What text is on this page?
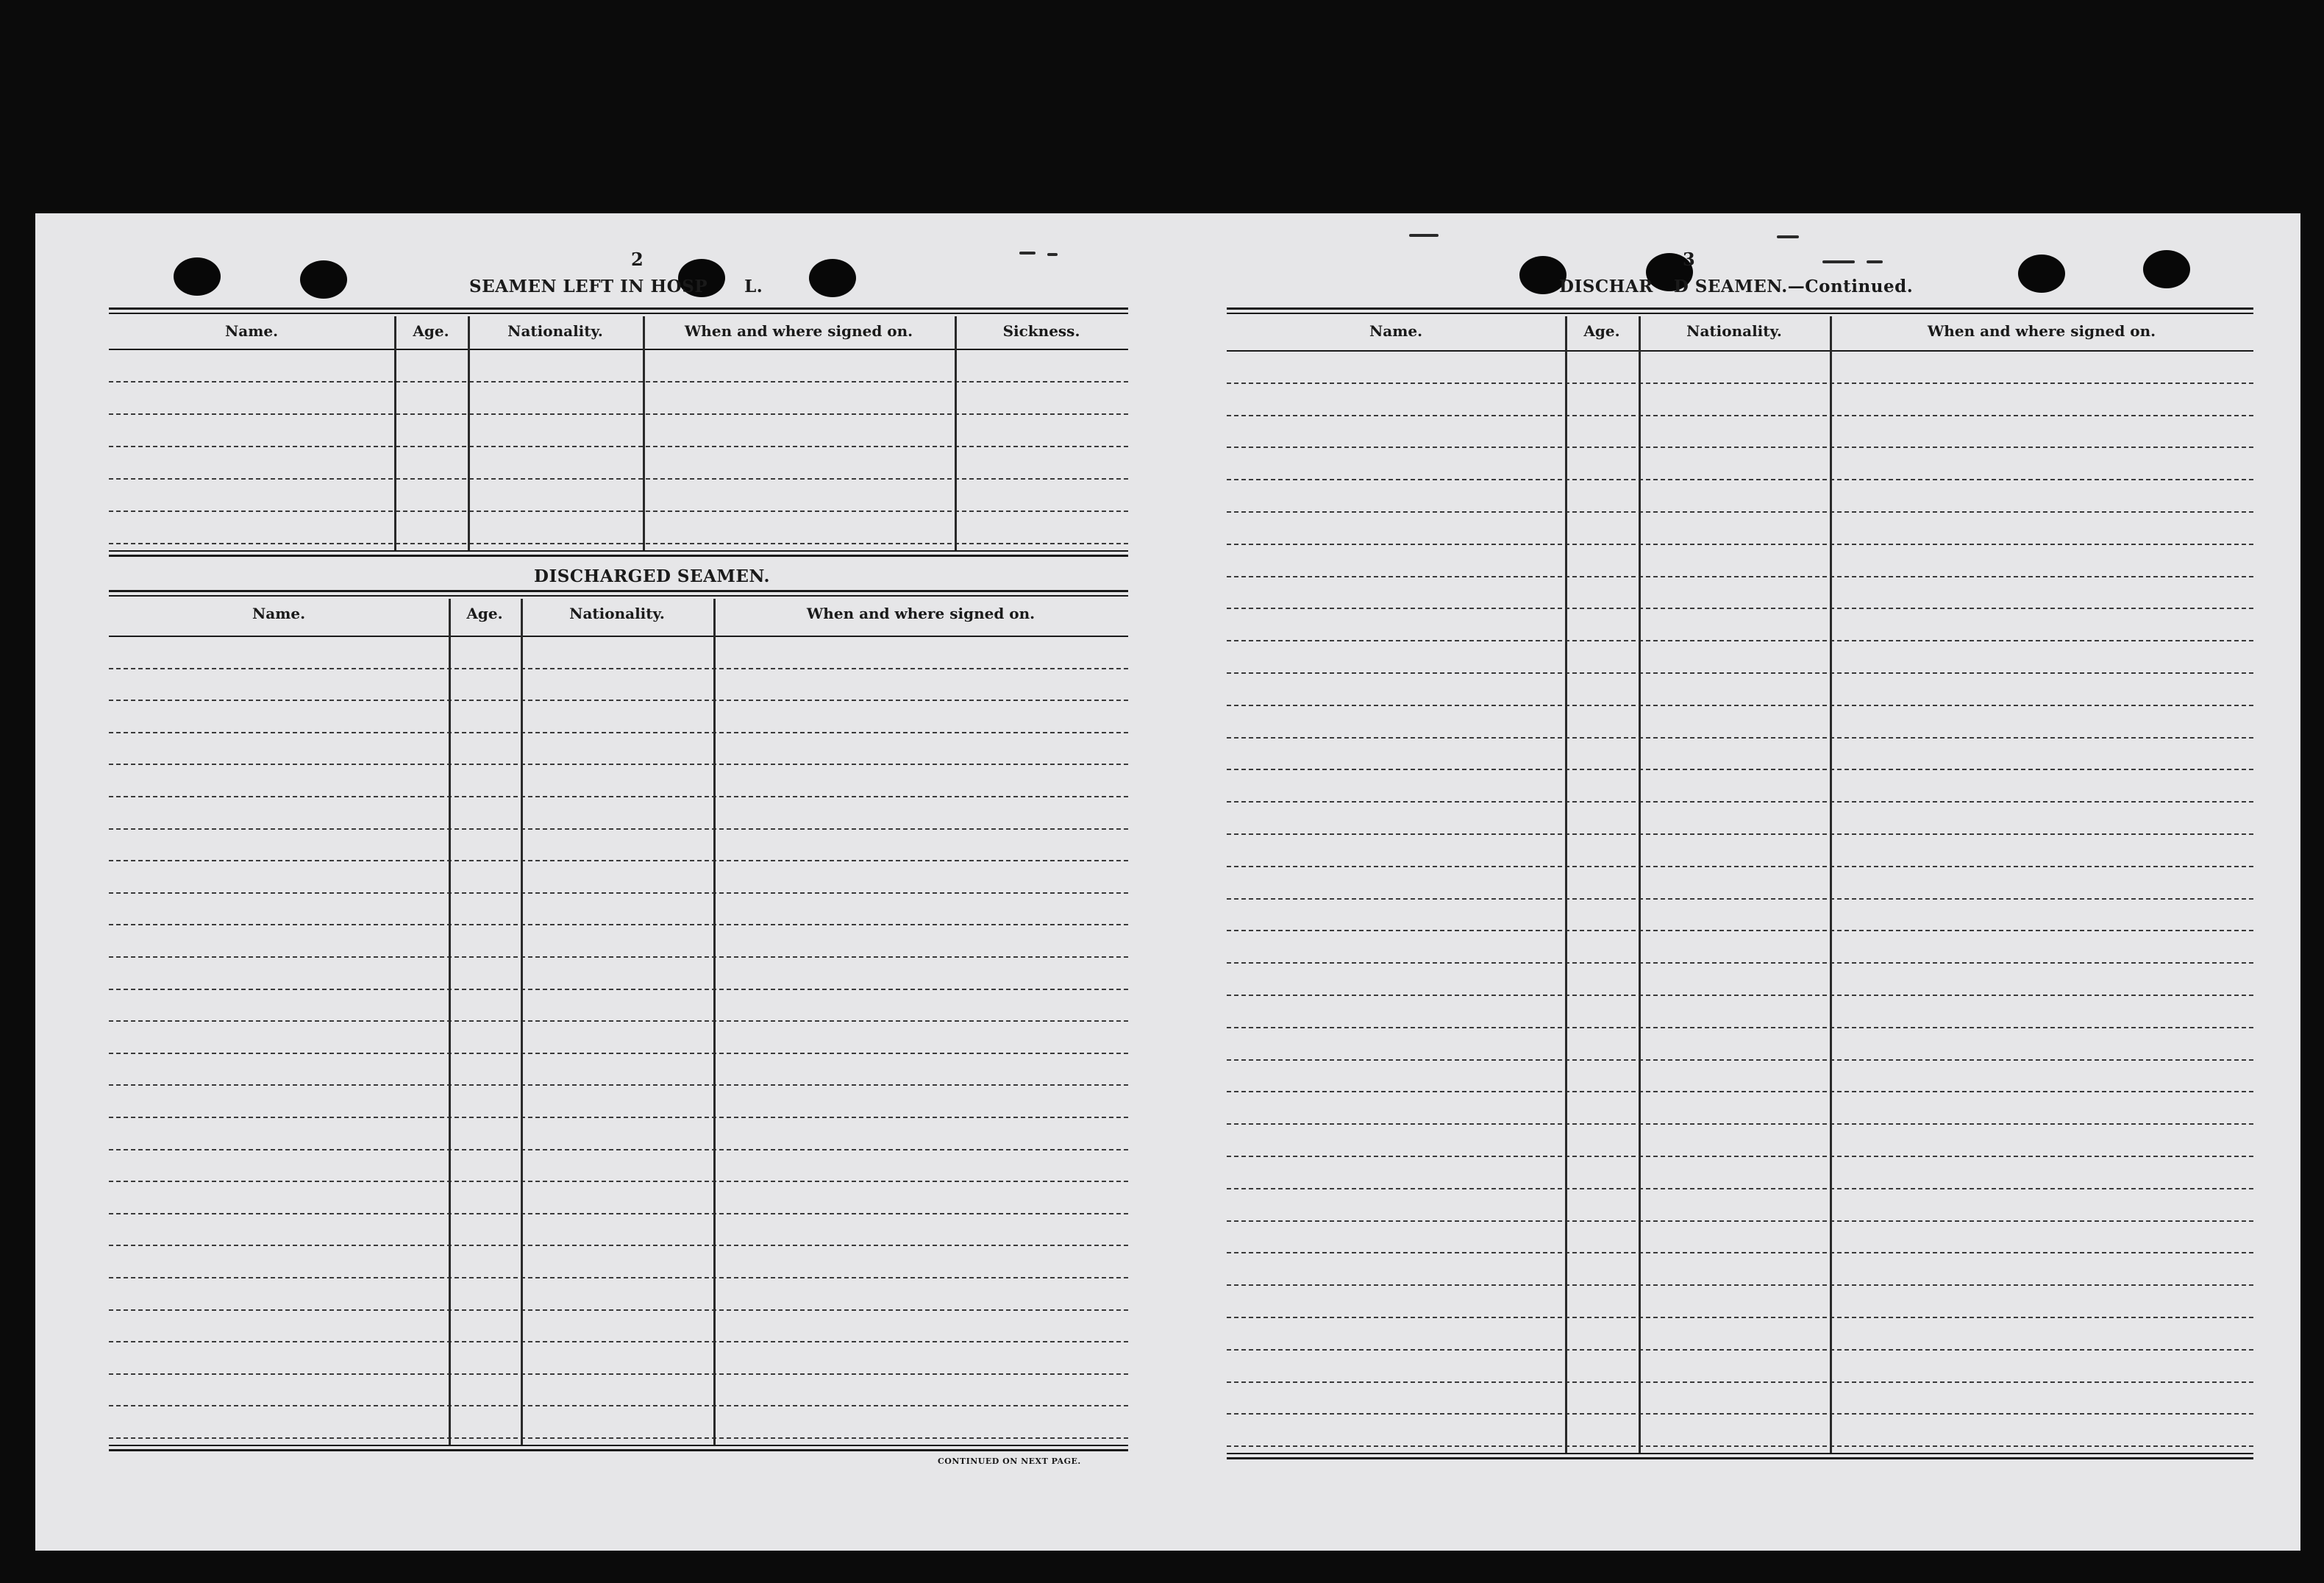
2
SEAMEN LEFT IN HOSP L.
Name.	Age.	Nationality.	When and where signed on.	Sickness.
DISCHARGED SEAMEN.
Name.	Age.	Nationality.	When and where signed on.
CONTINUED ON NEXT PAGE.
3
DISCHAR D SEAMEN.—Continued.
Name.	Age.	Nationality.	When and where signed on.
